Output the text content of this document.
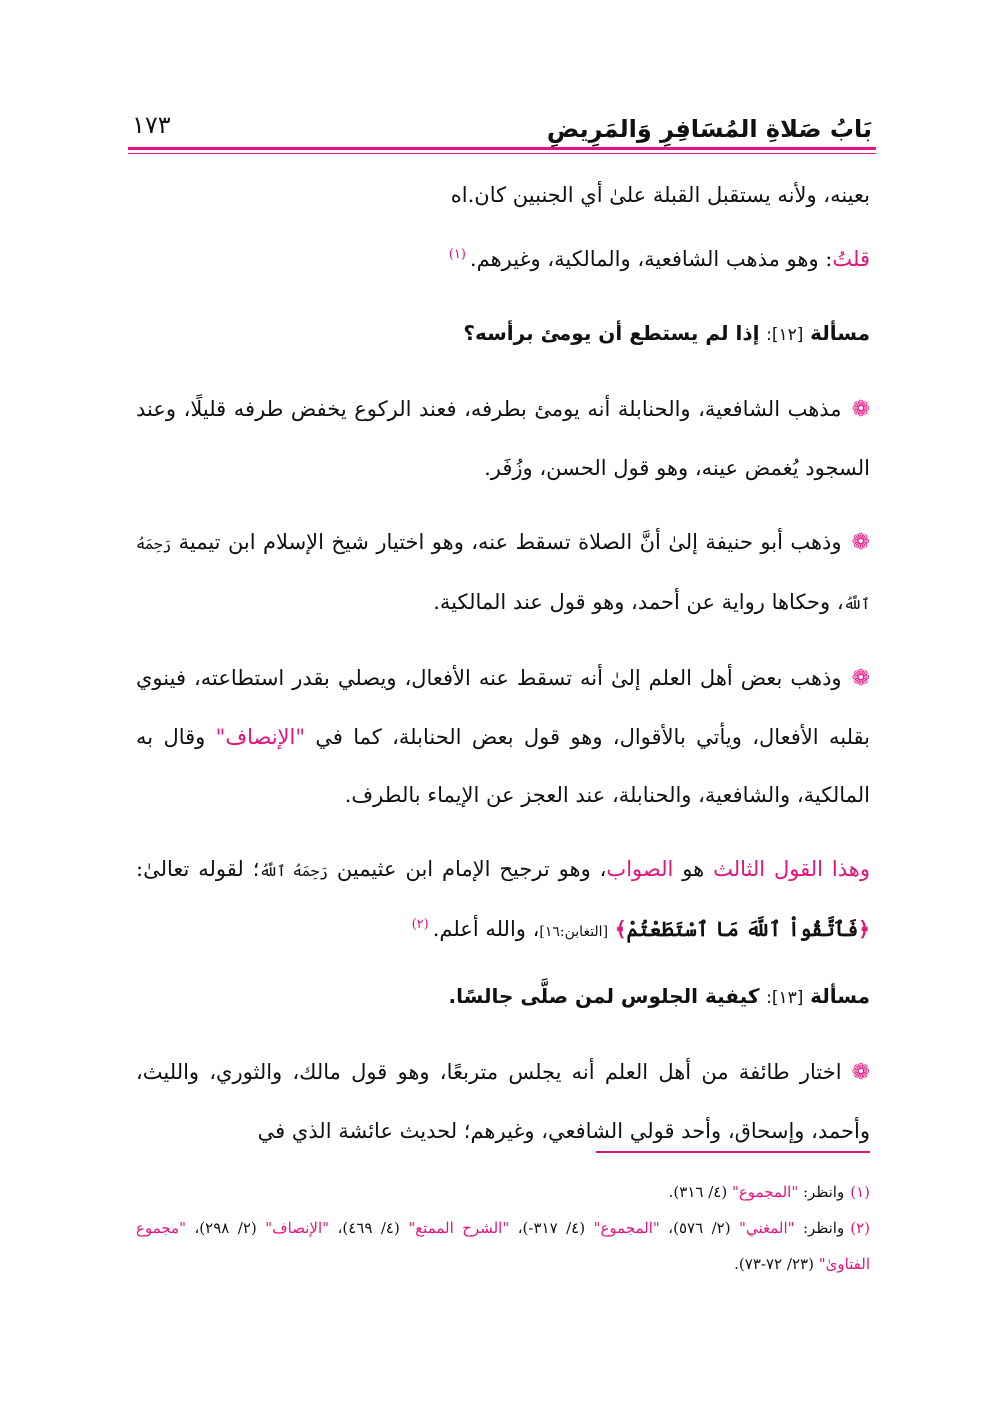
بَابُ صَلاةِ المُسَافِرِ وَالمَرِيضِ
١٧٣

بعينه، ولأنه يستقبل القبلة علىٰ أي الجنبين كان.اه

قلتُ: وهو مذهب الشافعية، والمالكية، وغيرهم.$^{(١)}$

مسألة [١٢]: إذا لم يستطع أن يومئ برأسه؟

❁مذهب الشافعية، والحنابلة أنه يومئ بطرفه، فعند الركوع يخفض طرفه قليلًا، وعند السجود يُغمض عينه، وهو قول الحسن، وزُفَر.

❁وذهب أبو حنيفة إلىٰ أنَّ الصلاة تسقط عنه، وهو اختيار شيخ الإسلام ابن تيمية رَحِمَهُ ٱللَّهُ، وحكاها رواية عن أحمد، وهو قول عند المالكية.

❁وذهب بعض أهل العلم إلىٰ أنه تسقط عنه الأفعال، ويصلي بقدر استطاعته، فينوي بقلبه الأفعال، ويأتي بالأقوال، وهو قول بعض الحنابلة، كما في "الإنصاف" وقال به المالكية، والشافعية، والحنابلة، عند العجز عن الإيماء بالطرف.

وهذا القول الثالث هو الصواب، وهو ترجيح الإمام ابن عثيمين رَحِمَهُ ٱللَّهُ؛ لقوله تعالىٰ: ﴿فَٱتَّقُواْ ٱللَّهَ مَا ٱسْتَطَعْتُمْ﴾ [التغابن:١٦]، والله أعلم.$^{(٢)}$

مسألة [١٣]: كيفية الجلوس لمن صلَّى جالسًا.

❁اختار طائفة من أهل العلم أنه يجلس متربعًا، وهو قول مالك، والثوري، والليث، وأحمد، وإسحاق، وأحد قولي الشافعي، وغيرهم؛ لحديث عائشة الذي في

(١)وانظر: "المجموع" (٤/ ٣١٦).

(٢)وانظر: "المغني" (٢/ ٥٧٦)، "المجموع" (٤/ ٣١٧-)، "الشرح الممتع" (٤/ ٤٦٩)، "الإنصاف" (٢/ ٢٩٨)، "مجموع الفتاوىٰ" (٢٣/ ٧٢-٧٣).
